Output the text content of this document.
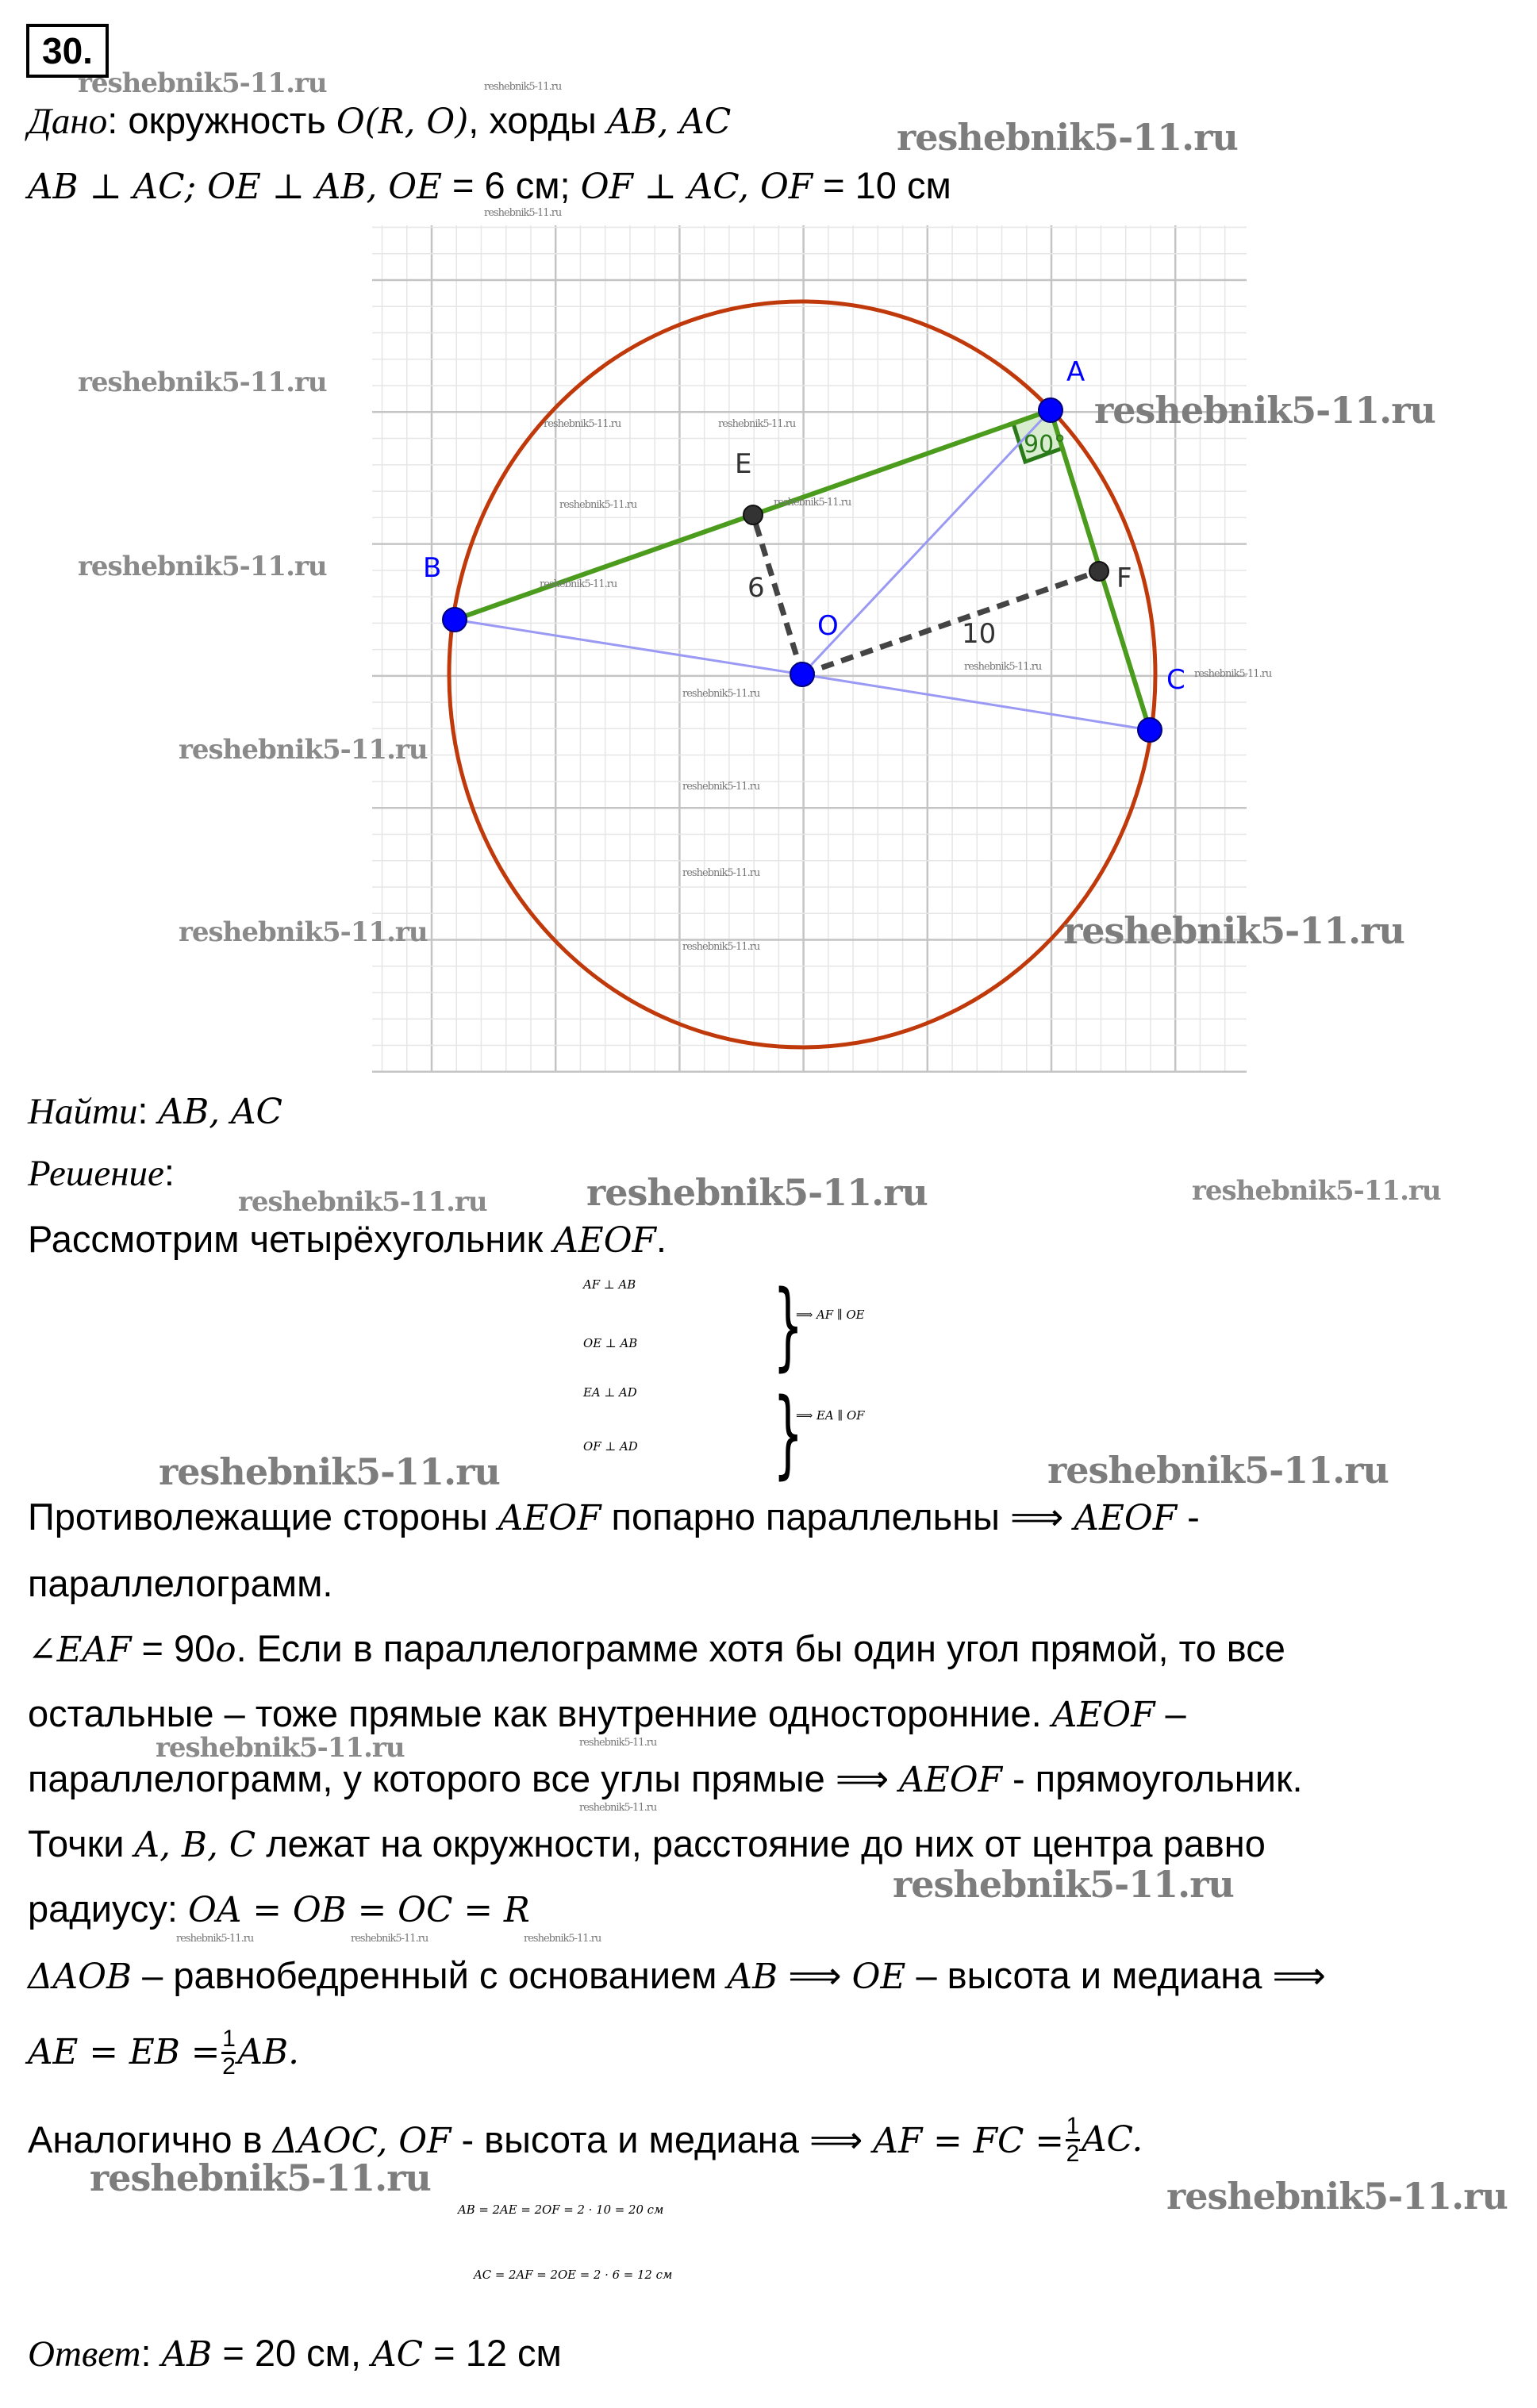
30.
Дано: окружность O(R, O), хорды AB, AC
AB ⊥ AC; OE ⊥ AB, OE = 6 см; OF ⊥ AC, OF = 10 см
A
B
C
E
F
O
6
10
90°
Найти: AB, AC
Решение:
Рассмотрим четырёхугольник AEOF.
AF ⊥ AB
OE ⊥ AB }
⟹ AF ∥ OE
EA ⊥ AD
OF ⊥ AD }
⟹ EA ∥ OF
Противолежащие стороны AEOF попарно параллельны ⟹ AEOF -
параллелограмм.
∠EAF = 90o. Если в параллелограмме хотя бы один угол прямой, то все
остальные – тоже прямые как внутренние односторонние. AEOF –
параллелограмм, у которого все углы прямые ⟹ AEOF - прямоугольник.
Точки A, B, C лежат на окружности, расстояние до них от центра равно
радиусу: OA = OB = OC = R
ΔAOB – равнобедренный с основанием AB ⟹ OE – высота и медиана ⟹
AE = EB = $\frac{1}{2}$ AB.
Аналогично в ΔAOC, OF - высота и медиана ⟹ AF = FC = $\frac{1}{2}$ AC.
AB = 2AE = 2OF = 2 · 10 = 20 см
AC = 2AF = 2OE = 2 · 6 = 12 см
Ответ: AB = 20 см, AC = 12 см
reshebnik5-11.ru
reshebnik5-11.ru
reshebnik5-11.ru
reshebnik5-11.ru
reshebnik5-11.ru
reshebnik5-11.ru
reshebnik5-11.ru
reshebnik5-11.ru
reshebnik5-11.ru	reshebnik5-11.ru
reshebnik5-11.ru
reshebnik5-11.ru
reshebnik5-11.ru	reshebnik5-11.ru
reshebnik5-11.ru	reshebnik5-11.ru
reshebnik5-11.ru
reshebnik5-11.ru
reshebnik5-11.ru
reshebnik5-11.ru
reshebnik5-11.ru
reshebnik5-11.ru	reshebnik5-11.ru	reshebnik5-11.ru
reshebnik5-11.ru	reshebnik5-11.ru
reshebnik5-11.ru	reshebnik5-11.ru
reshebnik5-11.ru
reshebnik5-11.ru
reshebnik5-11.ru	reshebnik5-11.ru	reshebnik5-11.ru
reshebnik5-11.ru	reshebnik5-11.ru
